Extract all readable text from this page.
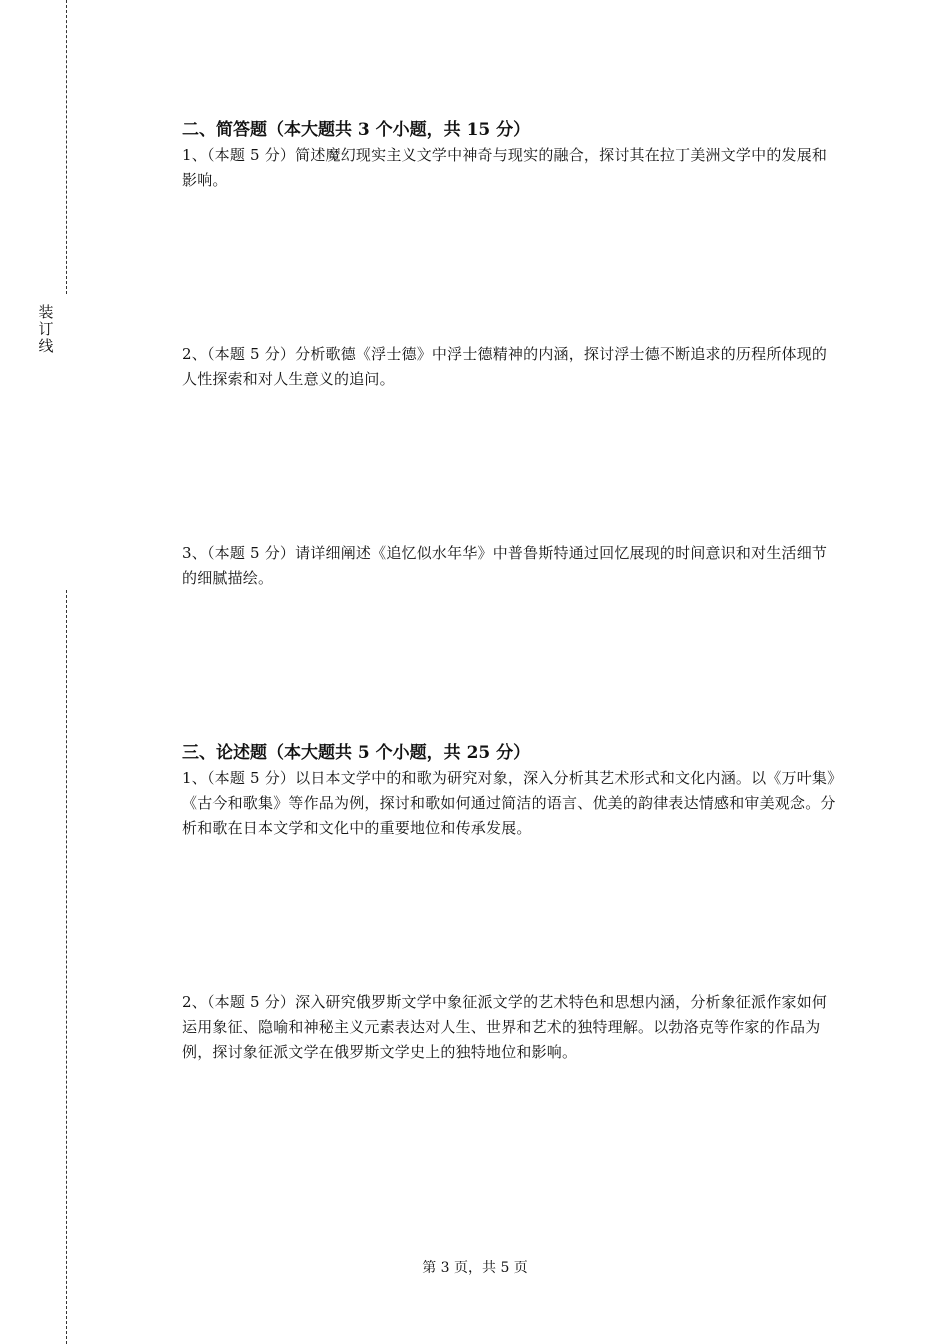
装订线
二、简答题（本大题共 3 个小题，共 15 分）
1、（本题 5 分）简述魔幻现实主义文学中神奇与现实的融合，探讨其在拉丁美洲文学中的发展和影响。
2、（本题 5 分）分析歌德《浮士德》中浮士德精神的内涵，探讨浮士德不断追求的历程所体现的人性探索和对人生意义的追问。
3、（本题 5 分）请详细阐述《追忆似水年华》中普鲁斯特通过回忆展现的时间意识和对生活细节的细腻描绘。
三、论述题（本大题共 5 个小题，共 25 分）
1、（本题 5 分）以日本文学中的和歌为研究对象，深入分析其艺术形式和文化内涵。以《万叶集》《古今和歌集》等作品为例，探讨和歌如何通过简洁的语言、优美的韵律表达情感和审美观念。分析和歌在日本文学和文化中的重要地位和传承发展。
2、（本题 5 分）深入研究俄罗斯文学中象征派文学的艺术特色和思想内涵，分析象征派作家如何运用象征、隐喻和神秘主义元素表达对人生、世界和艺术的独特理解。以勃洛克等作家的作品为例，探讨象征派文学在俄罗斯文学史上的独特地位和影响。
第 3 页，共 5 页
